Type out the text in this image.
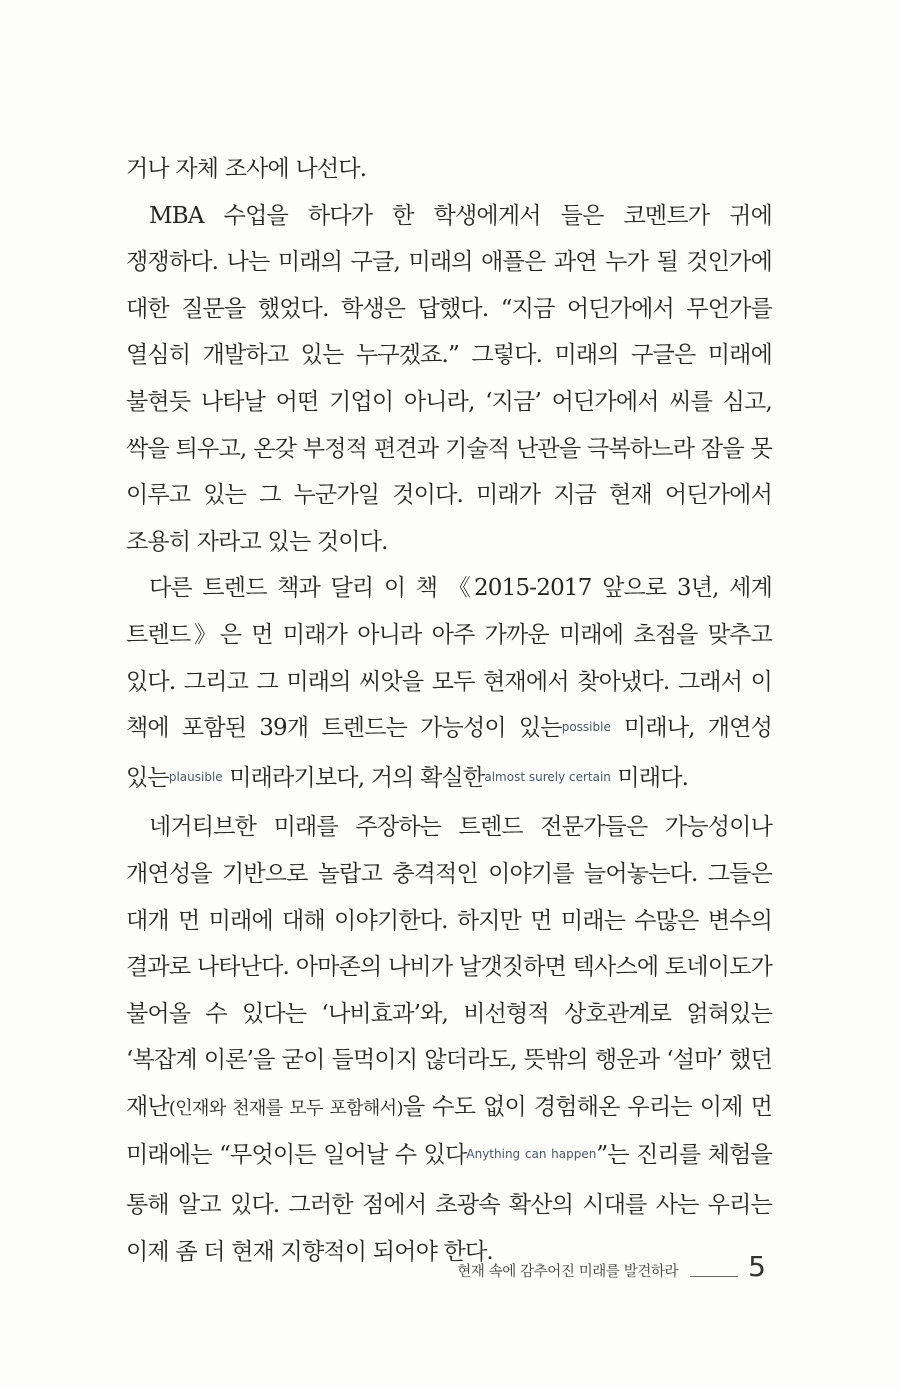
거나 자체 조사에 나선다.

MBA 수업을 하다가 한 학생에게서 들은 코멘트가 귀에 쟁쟁하다. 나는 미래의 구글, 미래의 애플은 과연 누가 될 것인가에 대한 질문을 했었다. 학생은 답했다. “지금 어딘가에서 무언가를 열심히 개발하고 있는 누구겠죠.” 그렇다. 미래의 구글은 미래에 불현듯 나타날 어떤 기업이 아니라, ‘지금’ 어딘가에서 씨를 심고, 싹을 틔우고, 온갖 부정적 편견과 기술적 난관을 극복하느라 잠을 못 이루고 있는 그 누군가일 것이다. 미래가 지금 현재 어딘가에서 조용히 자라고 있는 것이다.

다른 트렌드 책과 달리 이 책 《2015-2017 앞으로 3년, 세계 트렌드》은 먼 미래가 아니라 아주 가까운 미래에 초점을 맞추고 있다. 그리고 그 미래의 씨앗을 모두 현재에서 찾아냈다. 그래서 이 책에 포함된 39개 트렌드는 가능성이 있는possible 미래나, 개연성 있는plausible 미래라기보다, 거의 확실한almost surely certain 미래다.

네거티브한 미래를 주장하는 트렌드 전문가들은 가능성이나 개연성을 기반으로 놀랍고 충격적인 이야기를 늘어놓는다. 그들은 대개 먼 미래에 대해 이야기한다. 하지만 먼 미래는 수많은 변수의 결과로 나타난다. 아마존의 나비가 날갯짓하면 텍사스에 토네이도가 불어올 수 있다는 ‘나비효과’와, 비선형적 상호관계로 얽혀있는 ‘복잡계 이론’을 굳이 들먹이지 않더라도, 뜻밖의 행운과 ‘설마’ 했던 재난(인재와 천재를 모두 포함해서)을 수도 없이 경험해온 우리는 이제 먼 미래에는 “무엇이든 일어날 수 있다Anything can happen”는 진리를 체험을 통해 알고 있다. 그러한 점에서 초광속 확산의 시대를 사는 우리는 이제 좀 더 현재 지향적이 되어야 한다.

현재 속에 감추어진 미래를 발견하라	5
